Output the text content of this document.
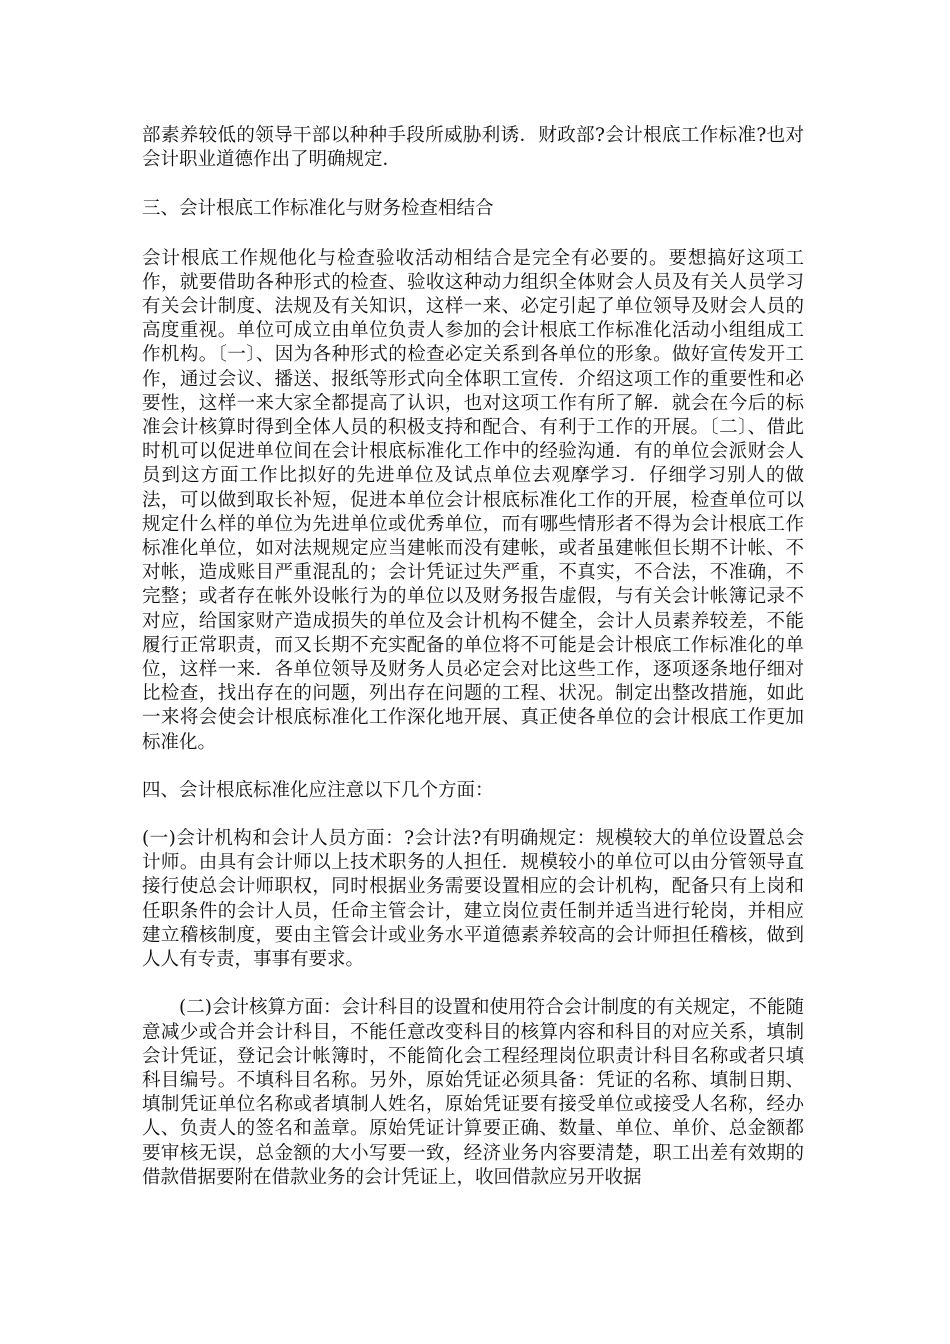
部素养较低的领导干部以种种手段所威胁利诱．财政部?会计根底工作标准?也对会计职业道德作出了明确规定．

三、会计根底工作标准化与财务检查相结合

会计根底工作规他化与检查验收活动相结合是完全有必要的。要想搞好这项工作，就要借助各种形式的检查、验收这种动力组织全体财会人员及有关人员学习有关会计制度、法规及有关知识，这样一来、必定引起了单位领导及财会人员的高度重视。单位可成立由单位负责人参加的会计根底工作标准化活动小组组成工作机构。〔一〕、因为各种形式的检查必定关系到各单位的形象。做好宣传发开工作，通过会议、播送、报纸等形式向全体职工宣传．介绍这项工作的重要性和必要性，这样一来大家全都提高了认识，也对这项工作有所了解．就会在今后的标准会计核算时得到全体人员的积极支持和配合、有利于工作的开展。〔二〕、借此时机可以促进单位间在会计根底标准化工作中的经验沟通．有的单位会派财会人员到这方面工作比拟好的先进单位及试点单位去观摩学习．仔细学习别人的做法，可以做到取长补短，促进本单位会计根底标准化工作的开展，检查单位可以规定什么样的单位为先进单位或优秀单位，而有哪些情形者不得为会计根底工作标准化单位，如对法规规定应当建帐而没有建帐，或者虽建帐但长期不计帐、不对帐，造成账目严重混乱的；会计凭证过失严重，不真实，不合法，不准确，不完整；或者存在帐外设帐行为的单位以及财务报告虚假，与有关会计帐簿记录不对应，给国家财产造成损失的单位及会计机构不健全，会计人员素养较差，不能履行正常职责，而又长期不充实配备的单位将不可能是会计根底工作标准化的单位，这样一来．各单位领导及财务人员必定会对比这些工作，逐项逐条地仔细对比检查，找出存在的问题，列出存在问题的工程、状况。制定出整改措施，如此一来将会使会计根底标准化工作深化地开展、真正使各单位的会计根底工作更加标准化。

四、会计根底标准化应注意以下几个方面：

(一)会计机构和会计人员方面：?会计法?有明确规定：规模较大的单位设置总会计师。由具有会计师以上技术职务的人担任．规模较小的单位可以由分管领导直接行使总会计师职权，同时根据业务需要设置相应的会计机构，配备只有上岗和任职条件的会计人员，任命主管会计，建立岗位责任制并适当进行轮岗，并相应建立稽核制度，要由主管会计或业务水平道德素养较高的会计师担任稽核，做到人人有专责，事事有要求。

(二)会计核算方面：会计科目的设置和使用符合会计制度的有关规定，不能随意减少或合并会计科目，不能任意改变科目的核算内容和科目的对应关系，填制会计凭证，登记会计帐簿时，不能简化会工程经理岗位职责计科目名称或者只填科目编号。不填科目名称。另外，原始凭证必须具备：凭证的名称、填制日期、填制凭证单位名称或者填制人姓名，原始凭证要有接受单位或接受人名称，经办人、负责人的签名和盖章。原始凭证计算要正确、数量、单位、单价、总金额都要审核无误，总金额的大小写要一致，经济业务内容要清楚，职工出差有效期的借款借据要附在借款业务的会计凭证上，收回借款应另开收据
